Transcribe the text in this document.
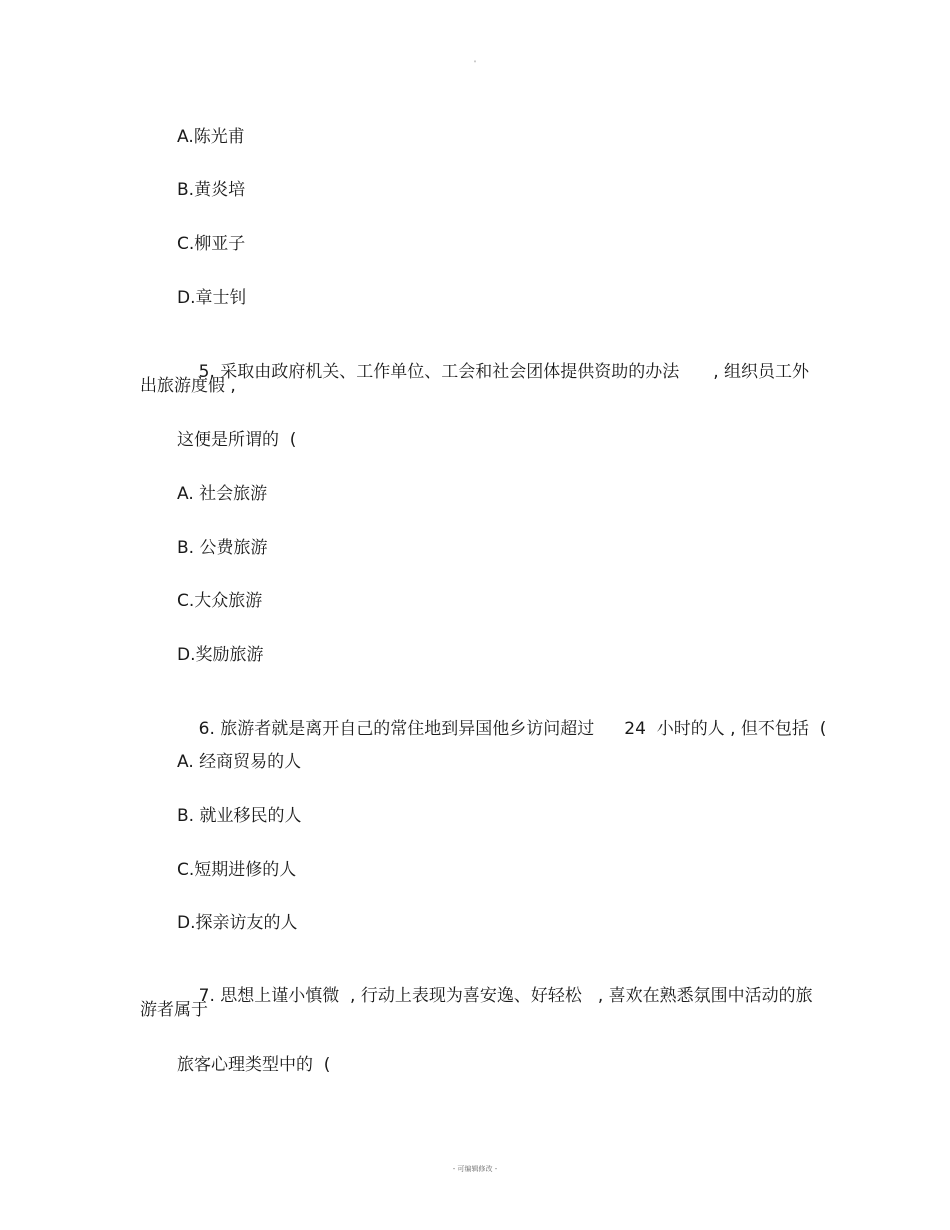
"
A.陈光甫
B.黄炎培
C.柳亚子
D.章士钊

5. 采取由政府机关、工作单位、工会和社会团体提供资助的办法 , 组织员工外

出旅游度假 ,
这便是所谓的  (
A. 社会旅游
B. 公费旅游
C.大众旅游
D.奖励旅游

6. 旅游者就是离开自己的常住地到异国他乡访问超过 24  小时的人 , 但不包括  (

A. 经商贸易的人
B. 就业移民的人
C.短期进修的人
D.探亲访友的人

7. 思想上谨小慎微  , 行动上表现为喜安逸、好轻松 , 喜欢在熟悉氛围中活动的旅

游者属于
旅客心理类型中的  (
- 可编辑修改 -
